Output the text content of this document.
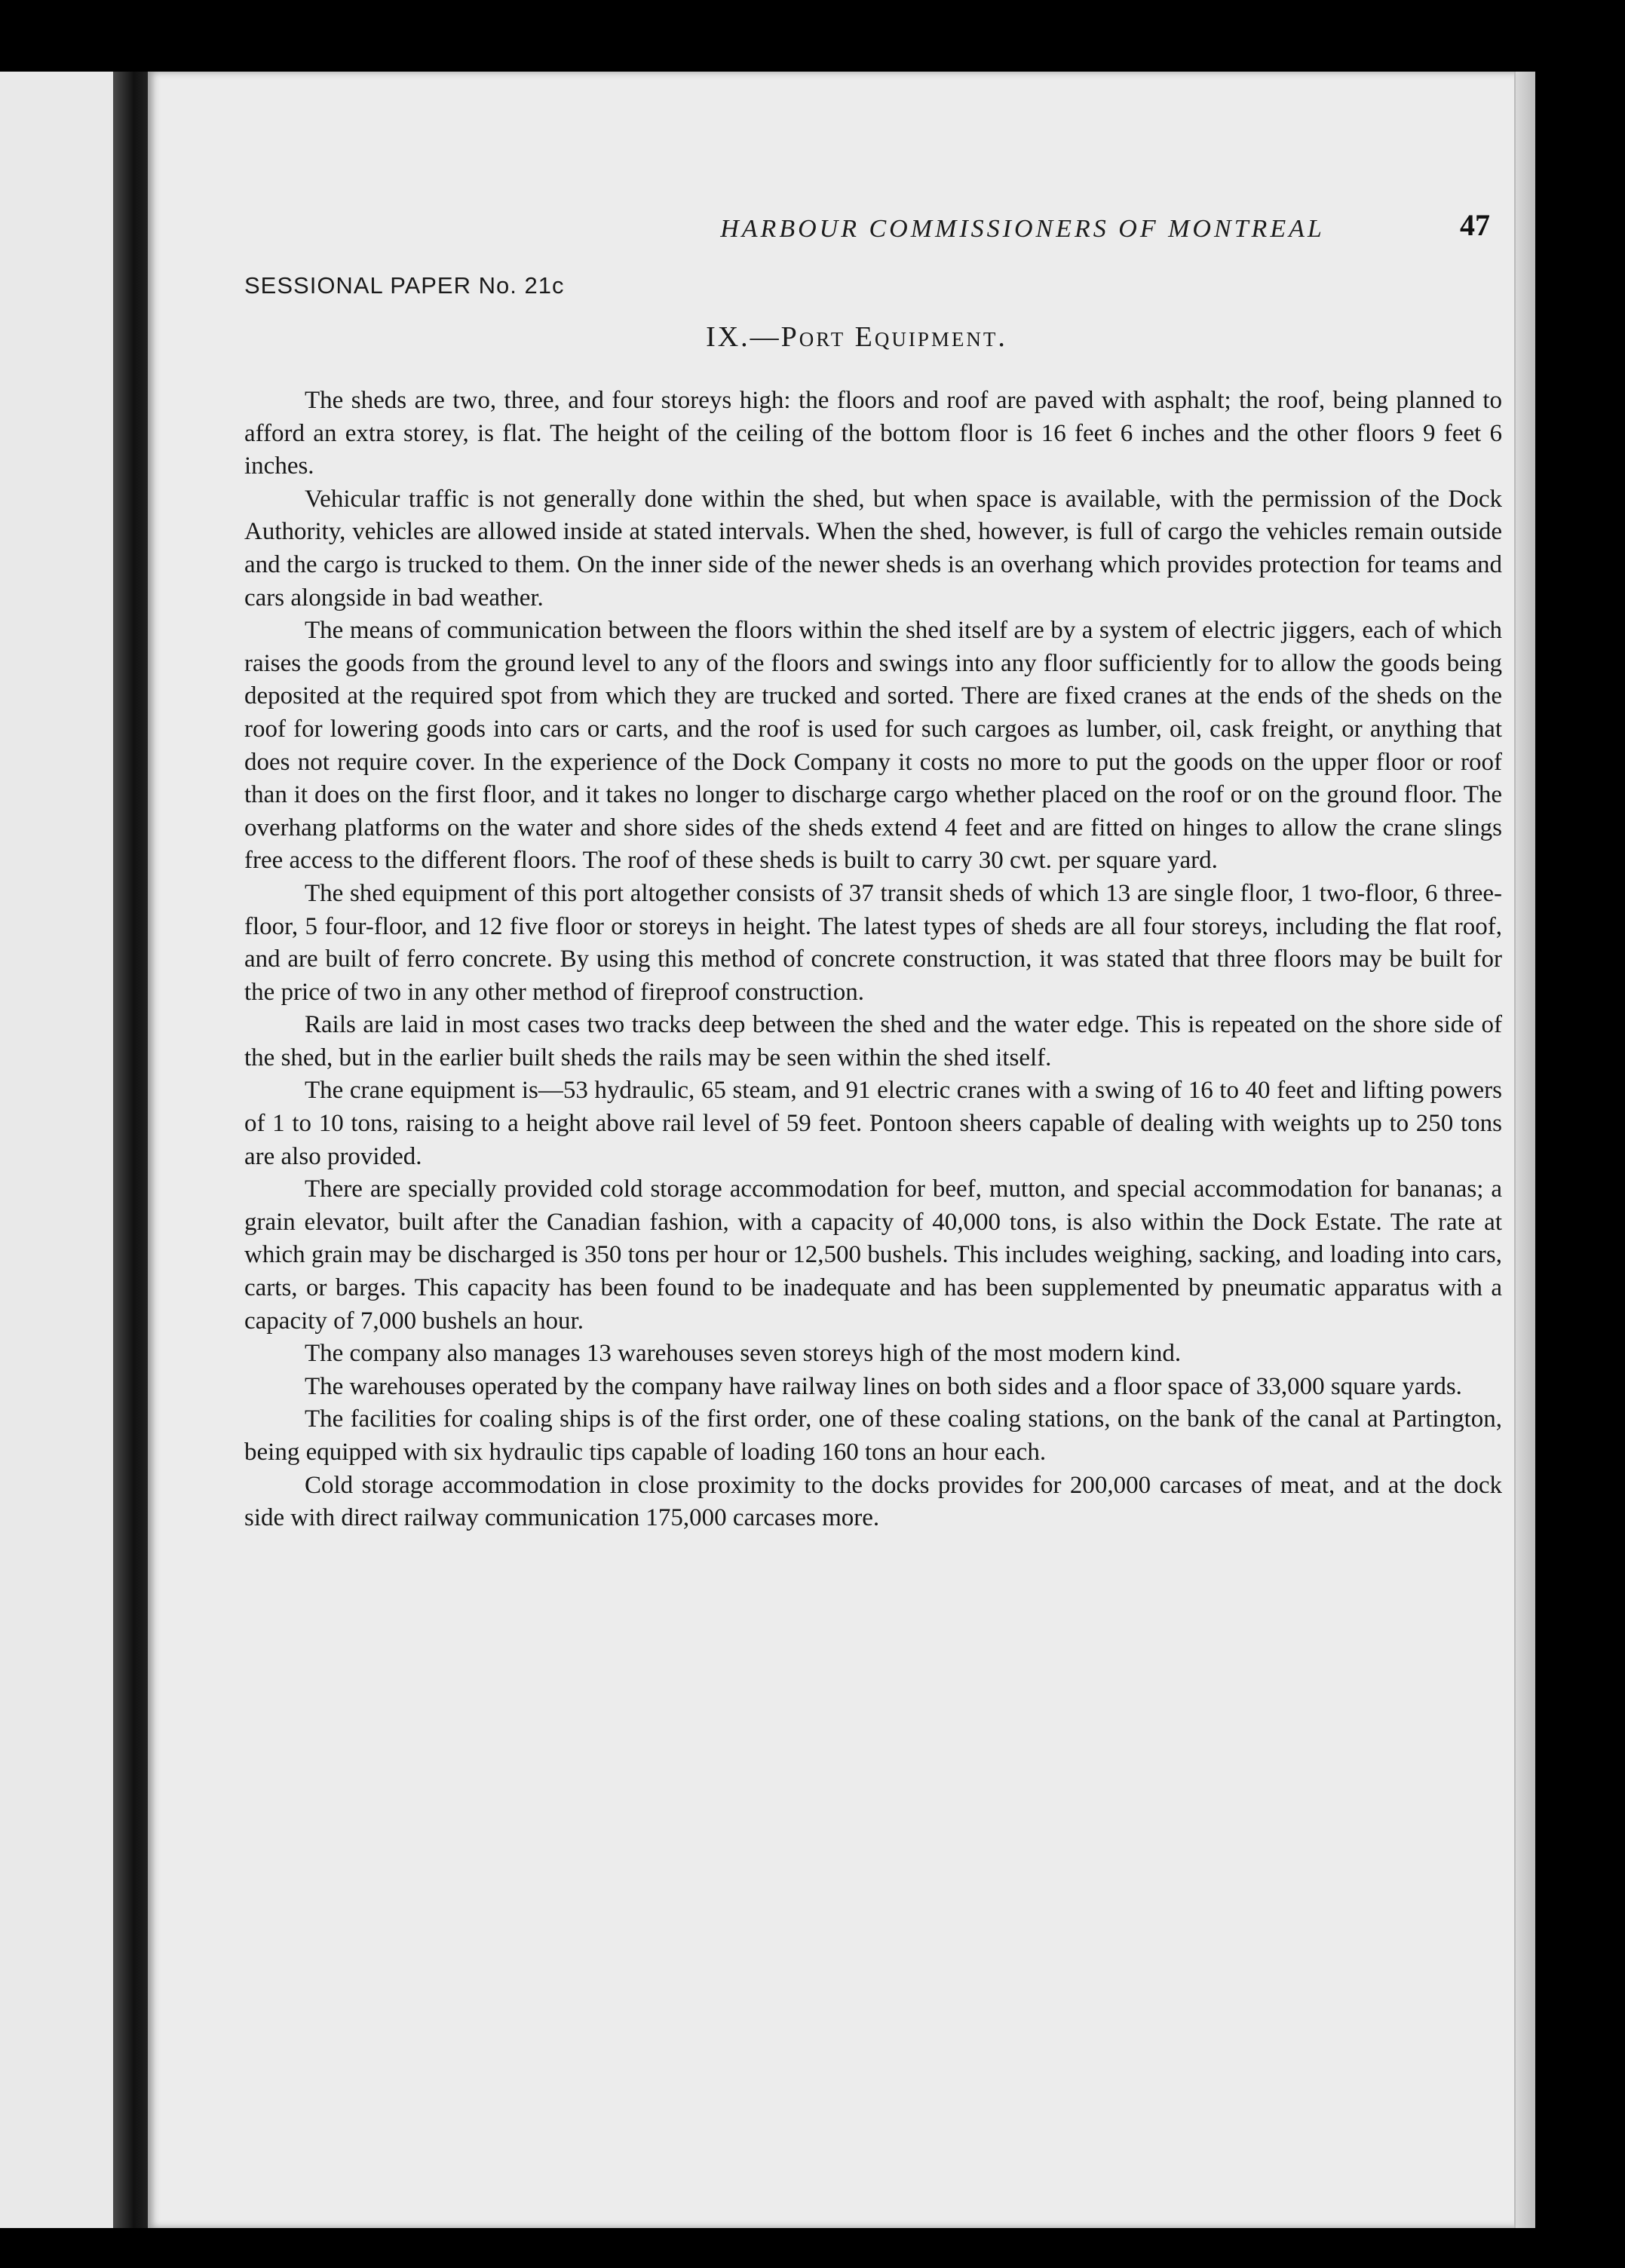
HARBOUR COMMISSIONERS OF MONTREAL	47
SESSIONAL PAPER No. 21c
IX.—Port Equipment.

The sheds are two, three, and four storeys high: the floors and roof are paved with asphalt; the roof, being planned to afford an extra storey, is flat. The height of the ceiling of the bottom floor is 16 feet 6 inches and the other floors 9 feet 6 inches.

Vehicular traffic is not generally done within the shed, but when space is available, with the permission of the Dock Authority, vehicles are allowed inside at stated intervals. When the shed, however, is full of cargo the vehicles remain outside and the cargo is trucked to them. On the inner side of the newer sheds is an overhang which provides protection for teams and cars alongside in bad weather.

The means of communication between the floors within the shed itself are by a system of electric jiggers, each of which raises the goods from the ground level to any of the floors and swings into any floor sufficiently for to allow the goods being deposited at the required spot from which they are trucked and sorted. There are fixed cranes at the ends of the sheds on the roof for lowering goods into cars or carts, and the roof is used for such cargoes as lumber, oil, cask freight, or anything that does not require cover. In the experience of the Dock Company it costs no more to put the goods on the upper floor or roof than it does on the first floor, and it takes no longer to discharge cargo whether placed on the roof or on the ground floor. The overhang platforms on the water and shore sides of the sheds extend 4 feet and are fitted on hinges to allow the crane slings free access to the different floors. The roof of these sheds is built to carry 30 cwt. per square yard.

The shed equipment of this port altogether consists of 37 transit sheds of which 13 are single floor, 1 two-floor, 6 three-floor, 5 four-floor, and 12 five floor or storeys in height. The latest types of sheds are all four storeys, including the flat roof, and are built of ferro concrete. By using this method of concrete construction, it was stated that three floors may be built for the price of two in any other method of fireproof construction.

Rails are laid in most cases two tracks deep between the shed and the water edge. This is repeated on the shore side of the shed, but in the earlier built sheds the rails may be seen within the shed itself.

The crane equipment is—53 hydraulic, 65 steam, and 91 electric cranes with a swing of 16 to 40 feet and lifting powers of 1 to 10 tons, raising to a height above rail level of 59 feet. Pontoon sheers capable of dealing with weights up to 250 tons are also provided.

There are specially provided cold storage accommodation for beef, mutton, and special accommodation for bananas; a grain elevator, built after the Canadian fashion, with a capacity of 40,000 tons, is also within the Dock Estate. The rate at which grain may be discharged is 350 tons per hour or 12,500 bushels. This includes weighing, sacking, and loading into cars, carts, or barges. This capacity has been found to be inadequate and has been supplemented by pneumatic apparatus with a capacity of 7,000 bushels an hour.

The company also manages 13 warehouses seven storeys high of the most modern kind.

The warehouses operated by the company have railway lines on both sides and a floor space of 33,000 square yards.

The facilities for coaling ships is of the first order, one of these coaling stations, on the bank of the canal at Partington, being equipped with six hydraulic tips capable of loading 160 tons an hour each.

Cold storage accommodation in close proximity to the docks provides for 200,000 carcases of meat, and at the dock side with direct railway communication 175,000 carcases more.
